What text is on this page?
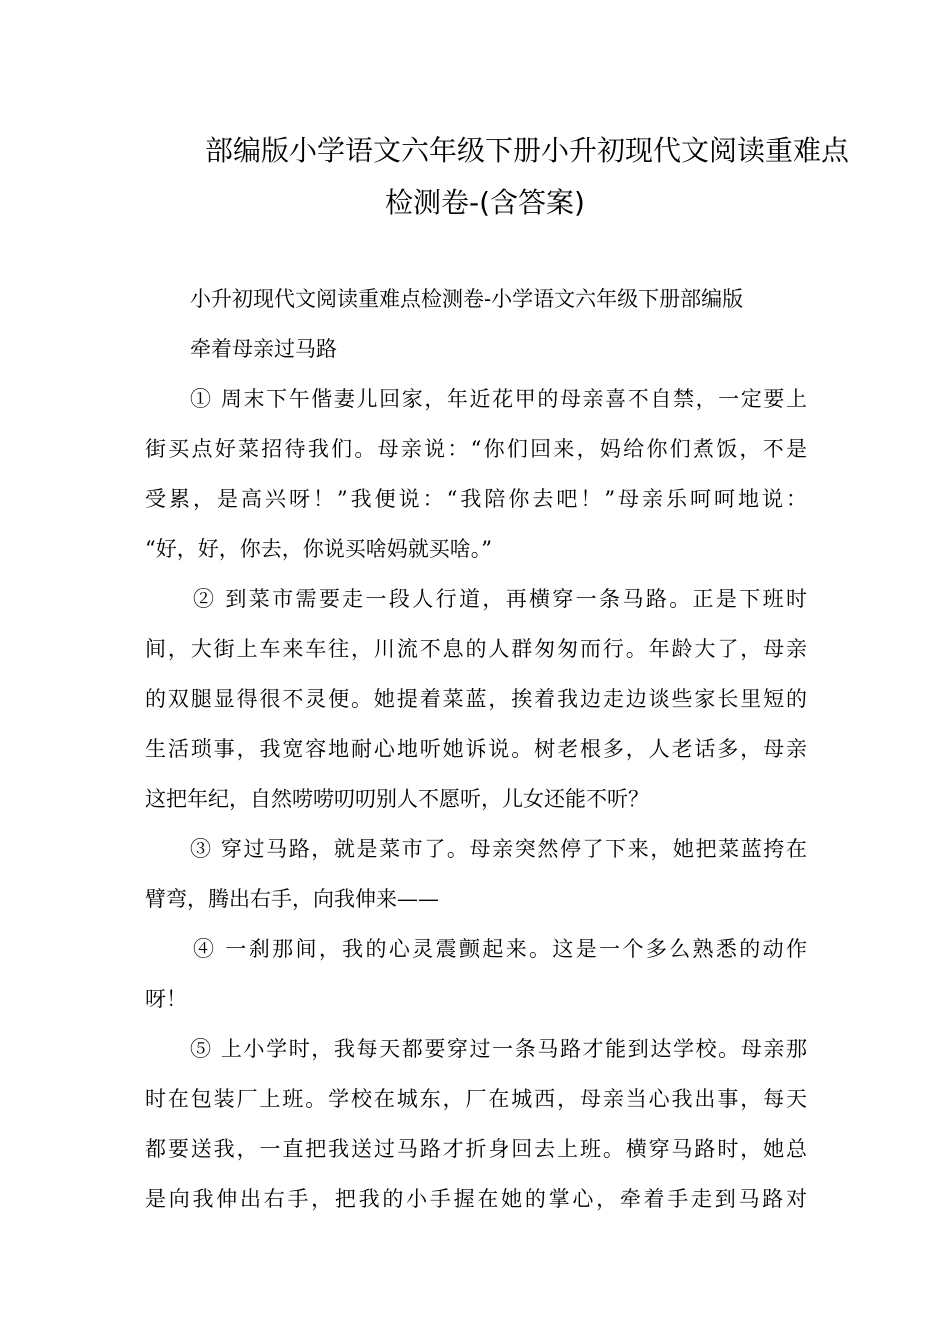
部编版小学语文六年级下册小升初现代文阅读重难点
检测卷-(含答案)
小升初现代文阅读重难点检测卷-小学语文六年级下册部编版
牵着母亲过马路
① 周末下午偕妻儿回家，年近花甲的母亲喜不自禁，一定要上
街买点好菜招待我们。母亲说：“你们回来，妈给你们煮饭，不是
受累，是高兴呀！”我便说：“我陪你去吧！”母亲乐呵呵地说：
“好，好，你去，你说买啥妈就买啥。”
② 到菜市需要走一段人行道，再横穿一条马路。正是下班时
间，大街上车来车往，川流不息的人群匆匆而行。年龄大了，母亲
的双腿显得很不灵便。她提着菜蓝，挨着我边走边谈些家长里短的
生活琐事，我宽容地耐心地听她诉说。树老根多，人老话多，母亲
这把年纪，自然唠唠叨叨别人不愿听，儿女还能不听？
③ 穿过马路，就是菜市了。母亲突然停了下来，她把菜蓝挎在
臂弯，腾出右手，向我伸来——
④ 一刹那间，我的心灵震颤起来。这是一个多么熟悉的动作
呀！
⑤ 上小学时，我每天都要穿过一条马路才能到达学校。母亲那
时在包装厂上班。学校在城东，厂在城西，母亲当心我出事，每天
都要送我，一直把我送过马路才折身回去上班。横穿马路时，她总
是向我伸出右手，把我的小手握在她的掌心，牵着手走到马路对
